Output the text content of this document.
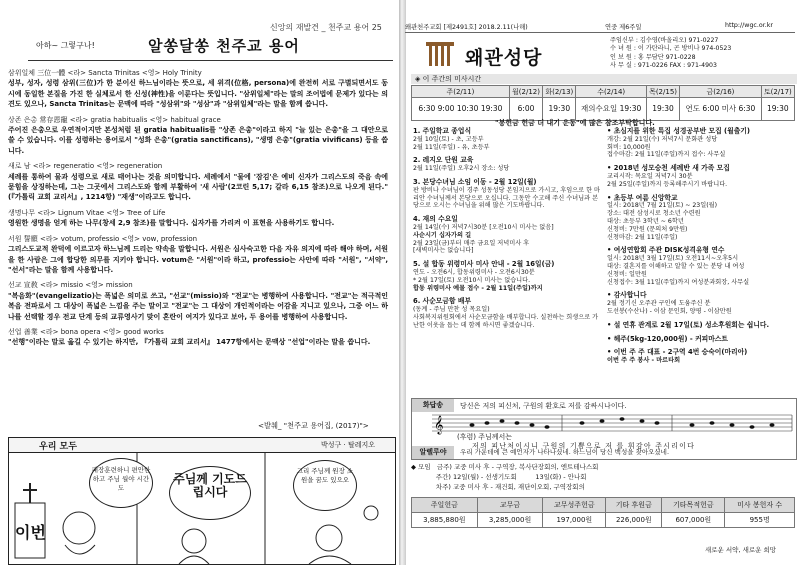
신앙의 재발견 _ 천주교 용어 25
아하~ 그렇구나!	알쏭달쏭 천주교 용어
삼위일체 三位一體 <라> Sancta Trinitas <영> Holy Trinity
성부, 성자, 성령 삼위(三位)가 한 분이신 하느님이라는 뜻으로, 세 위격(位格, persona)에 완전히 서로 구별되면서도 동시에 동일한 본질을 가진 한 실체로서 한 신성(神性)을 이룬다는 뜻입니다. "삼위일체"라는 말의 조어법에 문제가 있다는 의견도 있으나, Sancta Trinitas는 문맥에 따라 "성삼위"와 "성삼"과 "삼위일체"라는 말을 함께 씁니다.
상존 은총 常存恩寵 <라> gratia habitualis <영> habitual grace
주어진 은총으로 우연적이지만 본성처럼 된 gratia habitualis를 "상존 은총"이라고 하지 "늘 있는 은총"을 그 대안으로 쓸 수 있습니다. 이를 성령하는 용어로서 "성화 은총"(gratia sanctificans), "생명 은총"(gratia vivificans) 등을 씁니다.
새로 남 <라> regeneratio <영> regeneration
세례를 통하여 물과 성령으로 새로 태어나는 것을 의미합니다. 세례에서 "물에 '잠김'은 예비 신자가 그리스도의 죽음 속에 묻힘을 상징하는데, 그는 그곳에서 그리스도와 함께 부활하여 '새 사람'(2코린 5,17; 갈라 6,15 참조)으로 나오게 된다."(『가톨릭 교회 교리서』, 1214항) "재생"이라고도 합니다.
생명나무 <라> Lignum Vitae <영> Tree of Life
영원한 생명을 얻게 하는 나무(창세 2,9 참조)를 말합니다. 십자가를 가리켜 이 표현을 사용하기도 합니다.
서원 誓願 <라> votum, professio <영> vow, profession
그리스도교적 완덕에 이르고자 하느님께 드리는 약속을 말합니다. 서원은 심사숙고한 다음 자유 의지에 따라 해야 하며, 서원을 한 사람은 그에 합당한 의무를 지키야 합니다. votum은 "서원"이라 하고, professio는 사안에 따라 "서원", "서약", "선서"라는 말을 함께 사용합니다.
선교 宣敎 <라> missio <영> mission
"복음화"(evangelizatio)는 폭넓은 의미로 쓰고, "선교"(missio)와 "전교"는 병행하여 사용합니다. "전교"는 적극적인 복음 전파로서 그 대상이 폭넓은 느낌을 주는 말이고 "전교"는 그 대상이 개인적이라는 어감을 지니고 있으나, 그중 어느 하나를 선택할 경우 전교 단계 등의 교류영사기 맞이 혼란이 여지가 있다고 보아, 두 용어를 병행하여 사용합니다.
선업 善業 <라> bona opera <영> good works
"선행"이라는 말로 옮길 수 있기는 하지만, 『가톨릭 교회 교리서』 1477항에서는 문맥상 "선업"이라는 말을 씁니다.
<발췌_ "천주교 용어집, (2017)">
우리 모두	박성구 · 탈레지오
패장훈련하니 편안한 하고 주님 월야 시간도
주님께 기도드립시다
그리 주님께 원장 소원을 꿈도 있으오
이번
왜관천주교회 [제2491호] 2018.2.11(나해)	연중 제6주일	http://wgc.or.kr
왜관성당
주임신부 : 김수영(바올리오) 971-0227
수 녀 원 : 이 가탄라니, 곤 방비나 974-0523
인 보 원 : 홍 무담단 971-0228
사 무 실 : 971-0226 FAX : 971-4903
◈ 이 주간의 미사시간
주(2/11)	월(2/12)	화(2/13)	수(2/14)	목(2/15)	금(2/16)	토(2/17)
6:30 9:00 10:30 19:30	6:00	19:30	재의수요일 19:30	19:30	연도 6:00 미사 6:30	19:30
"봉헌금 헌금 더 내기 운동"에 많은 참조부탁합니다.
1. 주일학교 종업식
2월 10일(토) - 초, 고등부
2월 11일(주일) - 유, 초등부
2. 레지오 단원 교육
2월 11일(주일) 오후2시 장소: 성당
3. 본당수녀님 소임 이동 - 2월 12일(월)
판 방비나 수녀님이 경주 성동성당 본임지으로 가시고, 후임으로 한 마리안 수녀님께서 본당으로 오십니다. 그동안 수고해 주신 수녀님과 본당으로 오시는 수녀님을 위해 많은 기도바랍니다.
4. 재의 수요일
2월 14일(수) 저녁7시30분 [오전10시 미사는 없음]
사순시기 십자가의 길
2월 23일(금)부터 매주 금요일 저녁미사 후
[새벽미사는 없습니다]
5. 설 합동 위령미사 미사 안내 - 2월 16일(금)
연도 - 오전6시, 합동위령미사 - 오전6시30분
* 2월 17일(토) 오전10시 미사는 없습니다.
합동 위령미사 예물 접수 - 2월 11일(주일)까지
6. 사순모금함 배부
(동계 - 주님 만찬 성 목요일)
사회복지위원회에서 사순모금함을 배부합니다. 실천하는 희생으로 가난한 이웃을 돕는 데 함께 하시면 좋겠습니다.
• 초심지를 위한 특집 성경공부반 모집 (월출기)
개강: 2월 21일(수) 저녁7시 문화관 성당
회비: 10,000원
접수마감: 2월 11일(주일)까지 접수: 사무실
• 2018년 성모승천 세례반 새 가족 모집
교리시작: 목요일 저녁7시 30분
2월 25일(주일)까지 등록해주시기 바랍니다.
• 초등부 여름 신앙학교
일시: 2018년 7월 21일(토) ~ 23일(월)
장소: 대전 삼성시로 청소년 수련원
대상: 초등부 3학년 ~ 6학년
신청비: 7만원 (문의처 9만원)
신청마감: 2월 11일(주일)
• 여성연합회 주관 DISK성격유형 연수
일시: 2018년 3월 17일(토) 오전11시~오후5시
대상: 결혼지를 이해하고 알할 수 있는 분당 내 여성
신청비: 일만원
신청접수: 3월 11일(주일)까지 여성분과회장, 사무실
• 감사합니다
2월 정기신 오주관 구인에 도움주신 분
도선봉(수산나) - 이삼 문인회, 양평 - 이삼만원
• 설 연휴 관계로 2월 17일(토) 성소후원회는 쉽니다.
• 헤주(5kg-120,000원) - 커피마스트
• 이번 주 주 대표 - 2구역 4번 승숙이(마리아)
이번 주 주 봉사 - 마르타회
화답송	당신은 저의 피신처, 구원의 환호로 저를 감싸시나이다.
𝄞
(후렴) 주님께서는
저의 피난처이시니 구원의 기쁨으로 저 를 휘감아 주시리이다
알렐루야	우리 가운데에 큰 예언자가 나타나셨네. 하느님이 당신 백성을 찾아오셨네.
◆ 모임   금주) 교중 미사 후 - 구역장, 복사단장회의, 엔트테나스회
주간) 12일(월) - 선생기도회         13일(화) - 안나회
차주) 교중 미사 후 - 재건회, 재단이오회, 구역장회의
주일헌금	교무금	교무성주헌금	기타 후원금	기타목적헌금	미사 봉헌자 수
3,885,880원	3,285,000원	197,000원	226,000원	607,000원	955명
새로운 서약, 새로운 희망
